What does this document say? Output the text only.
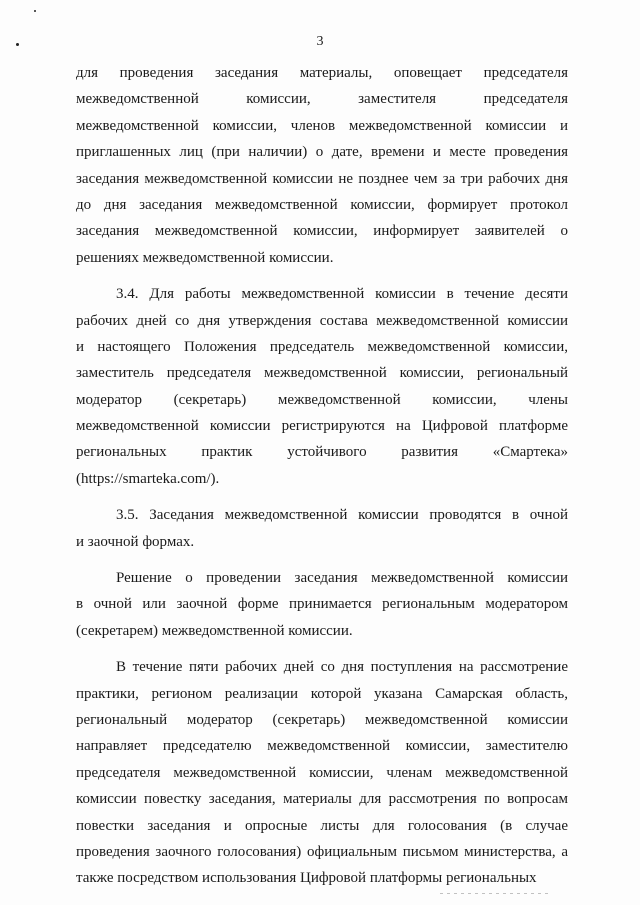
3
для проведения заседания материалы, оповещает председателя
межведомственной комиссии, заместителя председателя
межведомственной комиссии, членов межведомственной комиссии и
приглашенных лиц (при наличии) о дате, времени и месте проведения
заседания межведомственной комиссии не позднее чем за три рабочих дня
до дня заседания межведомственной комиссии, формирует протокол
заседания межведомственной комиссии, информирует заявителей о
решениях межведомственной комиссии.
3.4. Для работы межведомственной комиссии в течение десяти
рабочих дней со дня утверждения состава межведомственной комиссии
и настоящего Положения председатель межведомственной комиссии,
заместитель председателя межведомственной комиссии, региональный
модератор (секретарь) межведомственной комиссии, члены
межведомственной комиссии регистрируются на Цифровой платформе
региональных практик устойчивого развития «Смартека»
(https://smarteka.com/).
3.5. Заседания межведомственной комиссии проводятся в очной
и заочной формах.
Решение о проведении заседания межведомственной комиссии
в очной или заочной форме принимается региональным модератором
(секретарем) межведомственной комиссии.
В течение пяти рабочих дней со дня поступления на рассмотрение
практики, регионом реализации которой указана Самарская область,
региональный модератор (секретарь) межведомственной комиссии
направляет председателю межведомственной комиссии, заместителю
председателя межведомственной комиссии, членам межведомственной
комиссии повестку заседания, материалы для рассмотрения по вопросам
повестки заседания и опросные листы для голосования (в случае
проведения заочного голосования) официальным письмом министерства, а
также посредством использования Цифровой платформы региональных
